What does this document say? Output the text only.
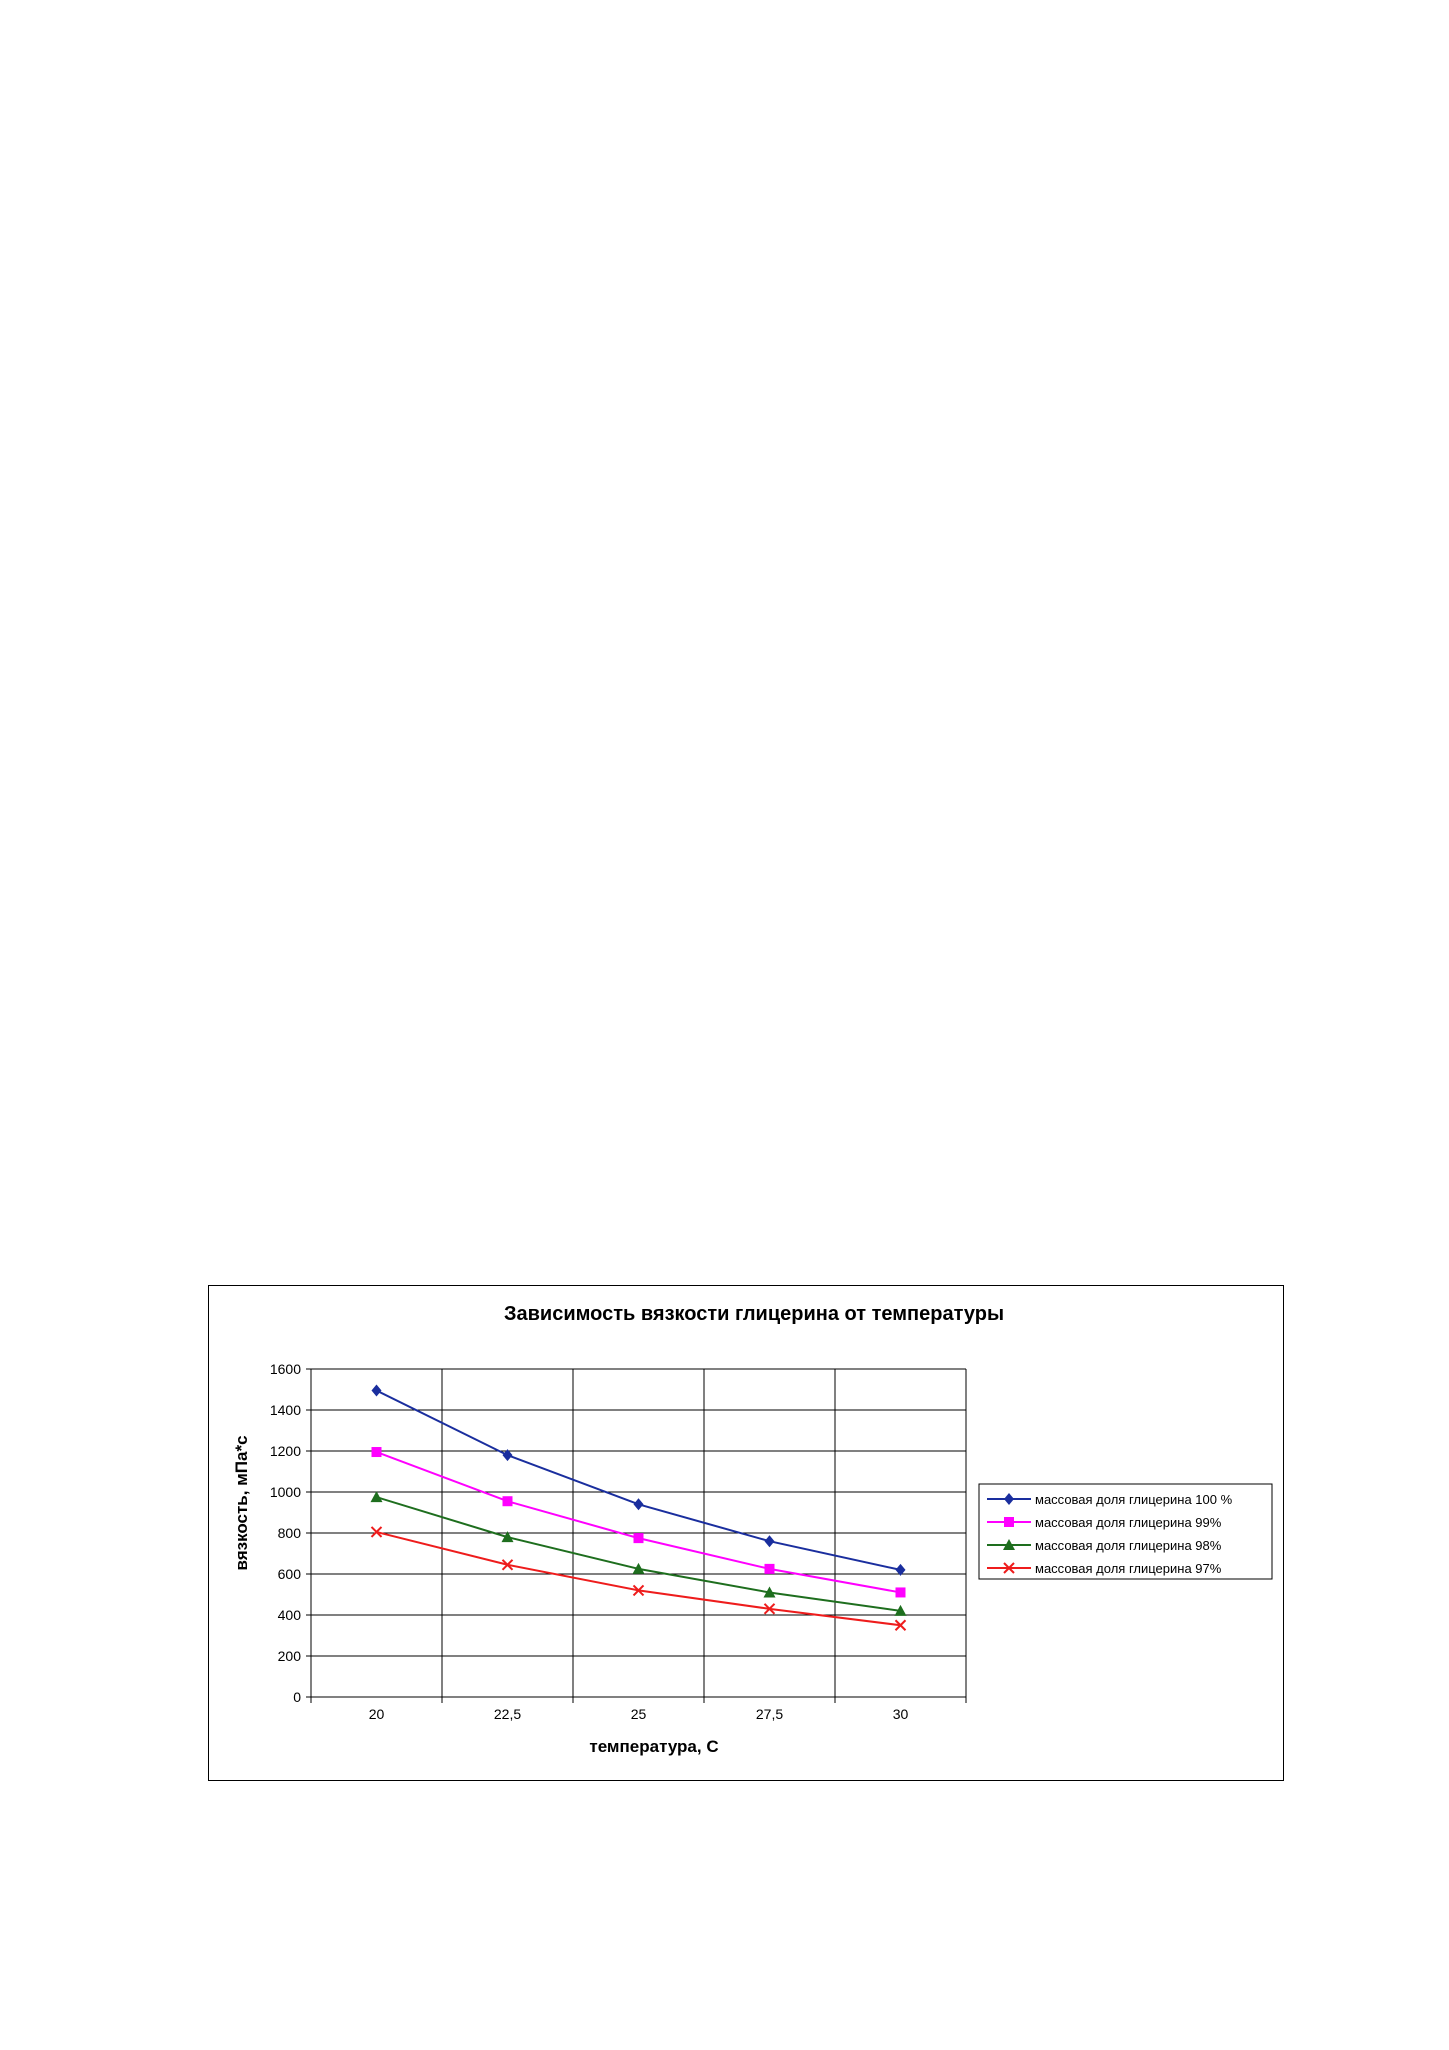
Зависимость вязкости глицерина от температуры
0
200
400
600
800
1000
1200
1400
1600
20	22,5	25	27,5	30
температура, С
вязкость, мПа*с	массовая доля глицерина 100 %
массовая доля глицерина 99%
массовая доля глицерина 98%
массовая доля глицерина 97%
